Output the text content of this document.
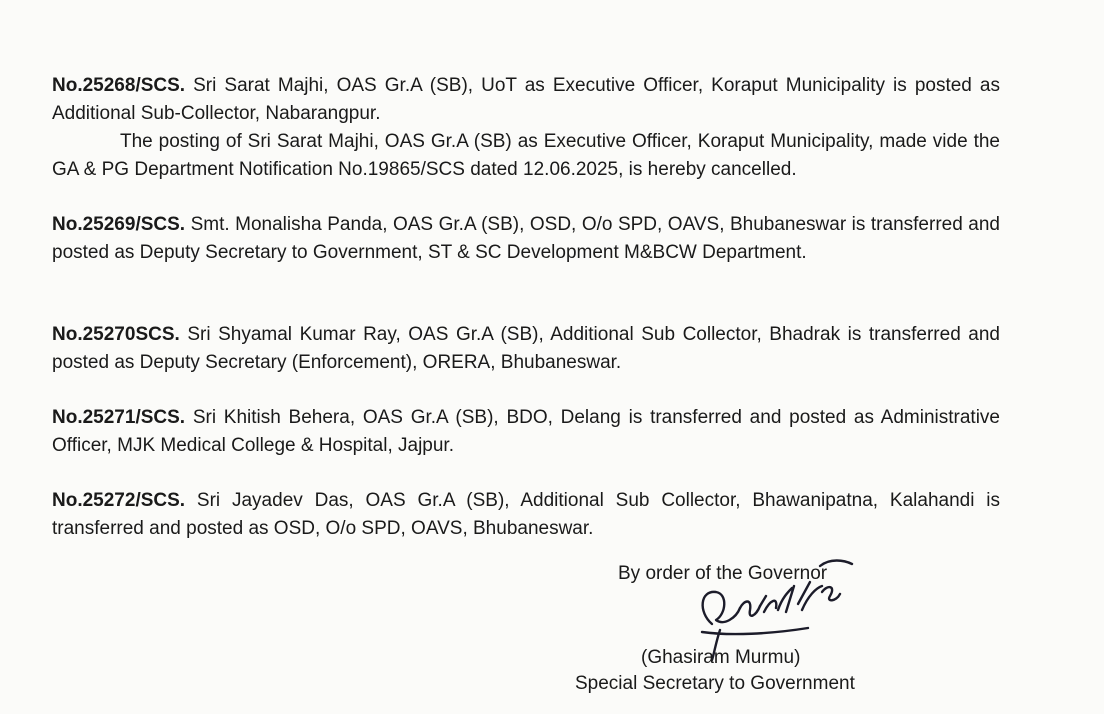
No.25268/SCS. Sri Sarat Majhi, OAS Gr.A (SB), UoT as Executive Officer, Koraput Municipality is posted as Additional Sub-Collector, Nabarangpur.

The posting of Sri Sarat Majhi, OAS Gr.A (SB) as Executive Officer, Koraput Municipality, made vide the GA & PG Department Notification No.19865/SCS dated 12.06.2025, is hereby cancelled.

No.25269/SCS. Smt. Monalisha Panda, OAS Gr.A (SB), OSD, O/o SPD, OAVS, Bhubaneswar is transferred and posted as Deputy Secretary to Government, ST & SC Development M&BCW Department.

No.25270SCS. Sri Shyamal Kumar Ray, OAS Gr.A (SB), Additional Sub Collector, Bhadrak is transferred and posted as Deputy Secretary (Enforcement), ORERA, Bhubaneswar.

No.25271/SCS. Sri Khitish Behera, OAS Gr.A (SB), BDO, Delang is transferred and posted as Administrative Officer, MJK Medical College & Hospital, Jajpur.

No.25272/SCS. Sri Jayadev Das, OAS Gr.A (SB), Additional Sub Collector, Bhawanipatna, Kalahandi is transferred and posted as OSD, O/o SPD, OAVS, Bhubaneswar.

By order of the Governor
(Ghasiram Murmu)
Special Secretary to Government
